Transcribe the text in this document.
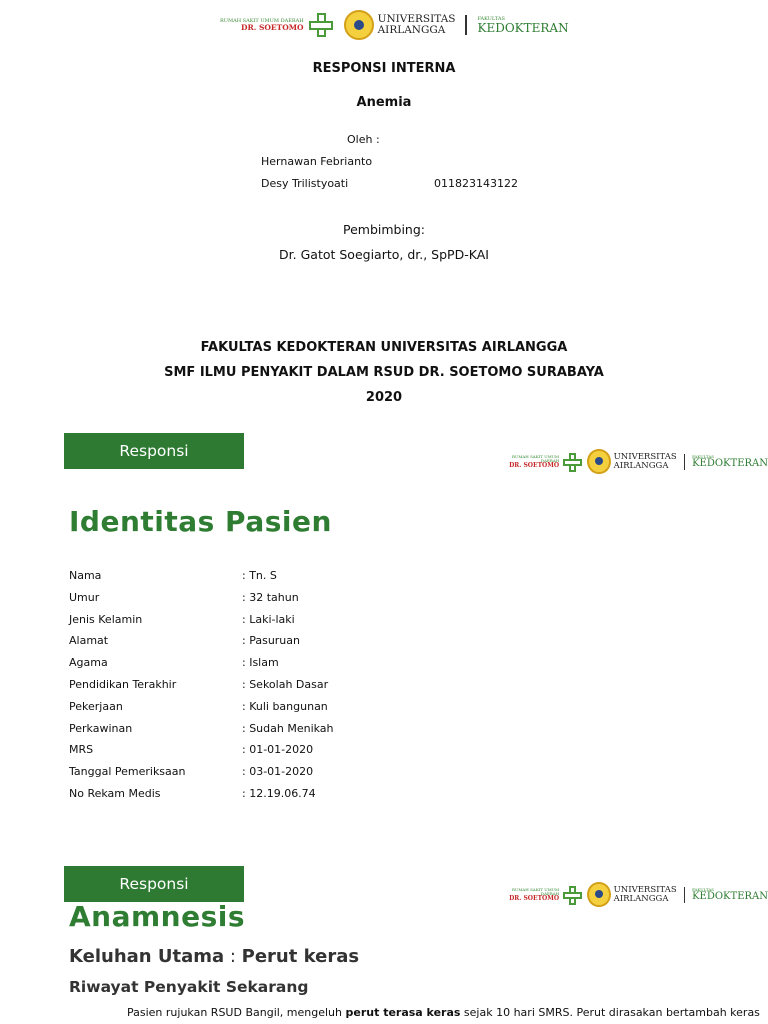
RUMAH SAKIT UMUM DAERAH
DR. SOETOMO
UNIVERSITAS
AIRLANGGA
FAKULTAS
KEDOKTERAN
RESPONSI INTERNA
Anemia
Oleh :
Hernawan Febrianto
Desy Trilistyoati	011823143122
Pembimbing:
Dr. Gatot Soegiarto, dr., SpPD-KAI
FAKULTAS KEDOKTERAN UNIVERSITAS AIRLANGGA
SMF ILMU PENYAKIT DALAM RSUD DR. SOETOMO SURABAYA
2020
Responsi	RUMAH SAKIT UMUM DAERAH
DR. SOETOMO
UNIVERSITAS
AIRLANGGA
FAKULTAS
KEDOKTERAN
Identitas Pasien
Nama	: Tn. S
Umur	: 32 tahun
Jenis Kelamin	: Laki-laki
Alamat	: Pasuruan
Agama	: Islam
Pendidikan Terakhir	: Sekolah Dasar
Pekerjaan	: Kuli bangunan
Perkawinan	: Sudah Menikah
MRS	: 01-01-2020
Tanggal Pemeriksaan	: 03-01-2020
No Rekam Medis	: 12.19.06.74
Responsi	RUMAH SAKIT UMUM DAERAH
DR. SOETOMO
UNIVERSITAS
AIRLANGGA
FAKULTAS
KEDOKTERAN
Anamnesis
Keluhan Utama : Perut keras
Riwayat Penyakit Sekarang
Pasien rujukan RSUD Bangil, mengeluh perut terasa keras sejak 10 hari SMRS. Perut dirasakan bertambah keras
